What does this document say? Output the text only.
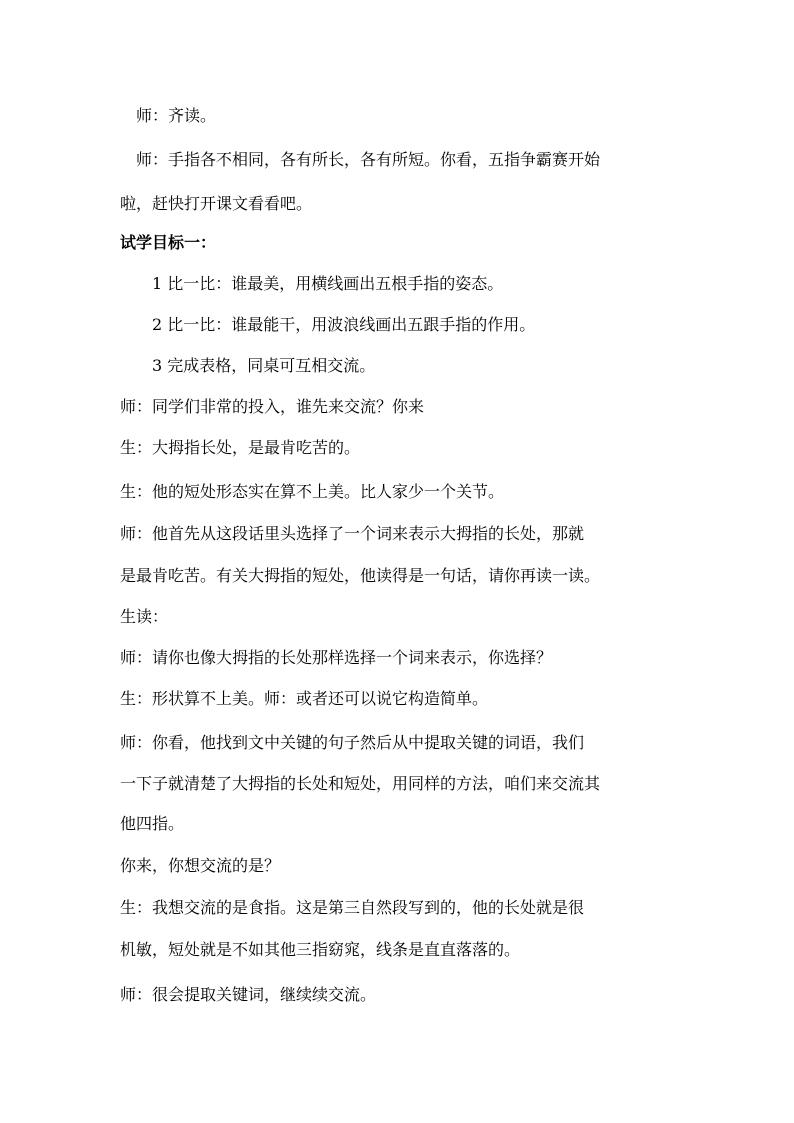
　师：齐读。
　师：手指各不相同，各有所长，各有所短。你看，五指争霸赛开始
啦，赶快打开课文看看吧。
试学目标一：
　　1 比一比：谁最美，用横线画出五根手指的姿态。
　　2 比一比：谁最能干，用波浪线画出五跟手指的作用。
　　3 完成表格，同桌可互相交流。
师：同学们非常的投入，谁先来交流？你来
生：大拇指长处，是最肯吃苦的。
生：他的短处形态实在算不上美。比人家少一个关节。
师：他首先从这段话里头选择了一个词来表示大拇指的长处，那就
是最肯吃苦。有关大拇指的短处，他读得是一句话，请你再读一读。
生读：
师：请你也像大拇指的长处那样选择一个词来表示，你选择？
生：形状算不上美。师：或者还可以说它构造简单。
师：你看，他找到文中关键的句子然后从中提取关键的词语，我们
一下子就清楚了大拇指的长处和短处，用同样的方法，咱们来交流其
他四指。
你来，你想交流的是？
生：我想交流的是食指。这是第三自然段写到的，他的长处就是很
机敏，短处就是不如其他三指窈窕，线条是直直落落的。
师：很会提取关键词，继续续交流。
